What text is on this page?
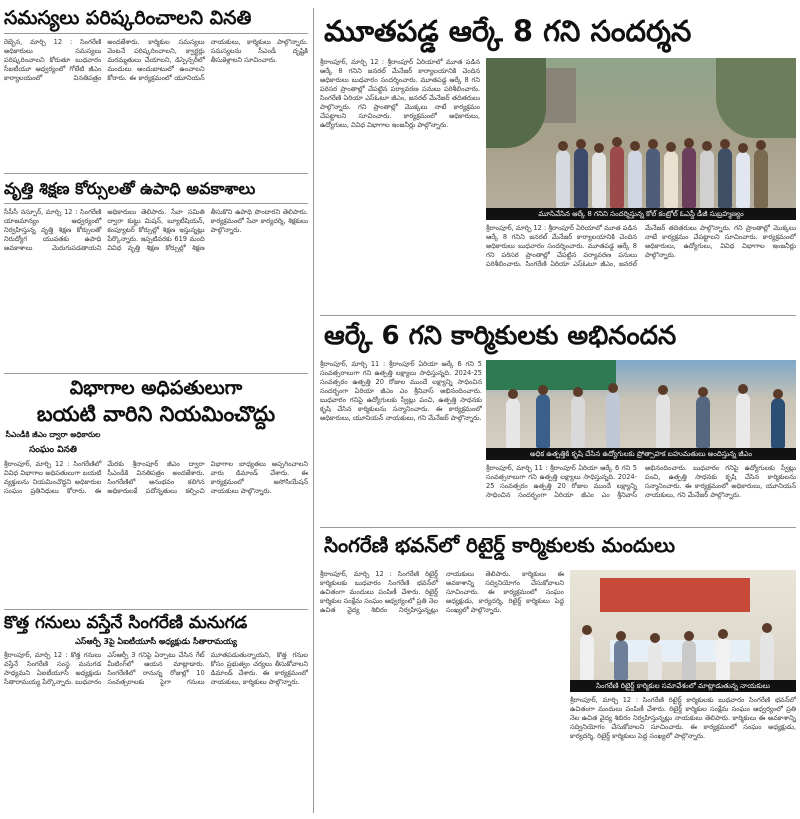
సమస్యలు పరిష్కరించాలని వినతి

రెబ్బెన, మార్చి 12 : సింగరేణి అధికారులు సమస్యలు పరిష్కరించాలని కోరుతూ బుధవారం సీఐటీయూ ఆధ్వర్యంలో గోలేటి జీఎం కార్యాలయంలో వినతిపత్రం అందజేశారు. కార్మికుల సమస్యలు వెంటనే పరిష్కరించాలని, క్వార్టర్లు మరమ్మతులు చేయాలని, డిస్పెన్సరీలో మందులు అందుబాటులో ఉంచాలని కోరారు. ఈ కార్యక్రమంలో యూనియన్ నాయకులు, కార్మికులు పాల్గొన్నారు. సమస్యలను సీఎండీ దృష్టికి తీసుకెళ్లాలని సూచించారు.

వృత్తి శిక్షణ కోర్సులతో ఉపాధి అవకాశాలు

సీసీసీ నస్పూర్, మార్చి 12 : సింగరేణి యాజమాన్యం ఆధ్వర్యంలో నిర్వహిస్తున్న వృత్తి శిక్షణ కోర్సులతో నిరుద్యోగ యువతకు ఉపాధి అవకాశాలు మెరుగుపడతాయని అధికారులు తెలిపారు. సేవా సమితి ద్వారా కుట్టు మిషన్, బ్యూటీషియన్, కంప్యూటర్ కోర్సుల్లో శిక్షణ ఇస్తున్నట్లు పేర్కొన్నారు. ఇప్పటివరకు 619 మంది వివిధ వృత్తి శిక్షణ కోర్సుల్లో శిక్షణ తీసుకొని ఉపాధి పొందారని తెలిపారు. కార్యక్రమంలో సేవా కార్యదర్శి, శిక్షకులు పాల్గొన్నారు.

విభాగాల అధిపతులుగా
బయటి వారిని నియమించొద్దు
సీఎండీకి జీఎం ద్వారా అధికారుల
సంఘం వినతి

శ్రీరాంపూర్, మార్చి 12 : సింగరేణిలో వివిధ విభాగాల అధిపతులుగా బయటి వ్యక్తులను నియమించొద్దని అధికారుల సంఘం ప్రతినిధులు కోరారు. ఈ మేరకు శ్రీరాంపూర్ జీఎం ద్వారా సీఎండీకి వినతిపత్రం అందజేశారు. సింగరేణిలో అనుభవం కలిగిన అధికారులకే పదోన్నతులు కల్పించి విభాగాల బాధ్యతలు అప్పగించాలని వారు డిమాండ్ చేశారు. ఈ కార్యక్రమంలో అసోసియేషన్ నాయకులు పాల్గొన్నారు.

కొత్త గనులు వస్తేనే సింగరేణి మనుగడ
ఎస్ఆర్పీ 3పై ఏఐటీయూసీ అధ్యక్షుడు సీతారామయ్య

శ్రీరాంపూర్, మార్చి 12 : కొత్త గనులు వస్తేనే సింగరేణి సంస్థ మనుగడ సాధ్యమని ఏఐటీయూసీ అధ్యక్షుడు సీతారామయ్య పేర్కొన్నారు. బుధవారం ఎస్ఆర్పీ 3 గనిపై ఏర్పాటు చేసిన గేట్ మీటింగ్‌లో ఆయన మాట్లాడారు. సింగరేణిలో రానున్న రోజుల్లో 10 సంవత్సరాలకు పైగా గనులు మూతపడుతున్నాయని, కొత్త గనుల కోసం ప్రభుత్వం చర్యలు తీసుకోవాలని డిమాండ్ చేశారు. ఈ కార్యక్రమంలో నాయకులు, కార్మికులు పాల్గొన్నారు.

మూతపడ్డ ఆర్కే 8 గని సందర్శన

శ్రీరాంపూర్, మార్చి 12 : శ్రీరాంపూర్ ఏరియాలో మూత పడిన ఆర్కే 8 గనిని జనరల్ మేనేజర్ కార్యాలయానికి చెందిన అధికారులు బుధవారం సందర్శించారు. మూతపడ్డ ఆర్కే 8 గని పరిసర ప్రాంతాల్లో చేపట్టిన పర్యావరణ పనులు పరిశీలించారు. సింగరేణి ఏరియా ఎస్ఓటూ జీఎం, జనరల్ మేనేజర్ తదితరులు పాల్గొన్నారు. గని ప్రాంతాల్లో మొక్కలు నాటే కార్యక్రమం చేపట్టాలని సూచించారు. కార్యక్రమంలో అధికారులు, ఉద్యోగులు, వివిధ విభాగాల ఇంజనీర్లు పాల్గొన్నారు.

మూసివేసిన ఆర్కే 8 గనిని సందర్శిస్తున్న కోల్ కంట్రోల్ ఓఎస్డీ డీజీ సుబ్రహ్మణ్యం

శ్రీరాంపూర్, మార్చి 12 : శ్రీరాంపూర్ ఏరియాలో మూత పడిన ఆర్కే 8 గనిని జనరల్ మేనేజర్ కార్యాలయానికి చెందిన అధికారులు బుధవారం సందర్శించారు. మూతపడ్డ ఆర్కే 8 గని పరిసర ప్రాంతాల్లో చేపట్టిన పర్యావరణ పనులు పరిశీలించారు. సింగరేణి ఏరియా ఎస్ఓటూ జీఎం, జనరల్ మేనేజర్ తదితరులు పాల్గొన్నారు. గని ప్రాంతాల్లో మొక్కలు నాటే కార్యక్రమం చేపట్టాలని సూచించారు. కార్యక్రమంలో అధికారులు, ఉద్యోగులు, వివిధ విభాగాల ఇంజనీర్లు పాల్గొన్నారు.

ఆర్కే 6 గని కార్మికులకు అభినందన

శ్రీరాంపూర్, మార్చి 11 : శ్రీరాంపూర్ ఏరియా ఆర్కే 6 గని 5 సంవత్సరాలుగా గని ఉత్పత్తి లక్ష్యాలు సాధిస్తున్నది. 2024-25 సంవత్సరం ఉత్పత్తి 20 రోజుల ముందే లక్ష్యాన్ని సాధించిన సందర్భంగా ఏరియా జీఎం ఎం శ్రీనివాస్ అభినందించారు. బుధవారం గనిపై ఉద్యోగులకు స్వీట్లు పంచి, ఉత్పత్తి సాధనకు కృషి చేసిన కార్మికులను సన్మానించారు. ఈ కార్యక్రమంలో అధికారులు, యూనియన్ నాయకులు, గని మేనేజర్ పాల్గొన్నారు.

అధిక ఉత్పత్తికి కృషి చేసిన ఉద్యోగులకు ప్రోత్సాహక బహుమతులు అందిస్తున్న జీఎం

శ్రీరాంపూర్, మార్చి 11 : శ్రీరాంపూర్ ఏరియా ఆర్కే 6 గని 5 సంవత్సరాలుగా గని ఉత్పత్తి లక్ష్యాలు సాధిస్తున్నది. 2024-25 సంవత్సరం ఉత్పత్తి 20 రోజుల ముందే లక్ష్యాన్ని సాధించిన సందర్భంగా ఏరియా జీఎం ఎం శ్రీనివాస్ అభినందించారు. బుధవారం గనిపై ఉద్యోగులకు స్వీట్లు పంచి, ఉత్పత్తి సాధనకు కృషి చేసిన కార్మికులను సన్మానించారు. ఈ కార్యక్రమంలో అధికారులు, యూనియన్ నాయకులు, గని మేనేజర్ పాల్గొన్నారు.

సింగరేణి భవన్‌లో రిటైర్డ్ కార్మికులకు మందులు

శ్రీరాంపూర్, మార్చి 12 : సింగరేణి రిటైర్డ్ కార్మికులకు బుధవారం సింగరేణి భవన్‌లో ఉచితంగా మందులు పంపిణీ చేశారు. రిటైర్డ్ కార్మికుల సంక్షేమ సంఘం ఆధ్వర్యంలో ప్రతి నెల ఉచిత వైద్య శిబిరం నిర్వహిస్తున్నట్లు నాయకులు తెలిపారు. కార్మికులు ఈ అవకాశాన్ని సద్వినియోగం చేసుకోవాలని సూచించారు. ఈ కార్యక్రమంలో సంఘం అధ్యక్షుడు, కార్యదర్శి, రిటైర్డ్ కార్మికులు పెద్ద సంఖ్యలో పాల్గొన్నారు.

సింగరేణి రిటైర్డ్ కార్మికుల సమావేశంలో మాట్లాడుతున్న నాయకులు

శ్రీరాంపూర్, మార్చి 12 : సింగరేణి రిటైర్డ్ కార్మికులకు బుధవారం సింగరేణి భవన్‌లో ఉచితంగా మందులు పంపిణీ చేశారు. రిటైర్డ్ కార్మికుల సంక్షేమ సంఘం ఆధ్వర్యంలో ప్రతి నెల ఉచిత వైద్య శిబిరం నిర్వహిస్తున్నట్లు నాయకులు తెలిపారు. కార్మికులు ఈ అవకాశాన్ని సద్వినియోగం చేసుకోవాలని సూచించారు. ఈ కార్యక్రమంలో సంఘం అధ్యక్షుడు, కార్యదర్శి, రిటైర్డ్ కార్మికులు పెద్ద సంఖ్యలో పాల్గొన్నారు.
